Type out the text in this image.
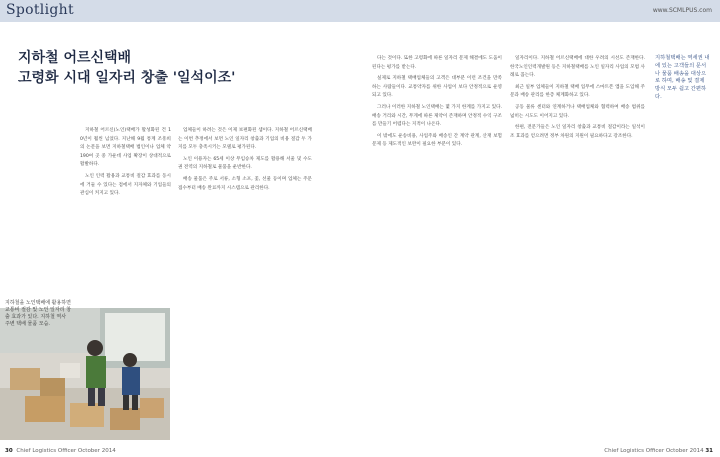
Spotlight	www.SCMLPUS.com
지하철 어르신택배
고령화 시대 일자리 창출 '일석이조'
지하철택배는 역세권 내에 있는 고객들의 문서나 물품 배송을 대상으로 하며, 배송 및 결제 방식 모두 쉽고 간편하다.
지하철을 노인택배에 활용하면 교통비 절감 및 노인 일자리 창출 효과가 있다. 지하철 역사 주변 택배 물품 모습.

지하철 어르신(노인)택배가 활성화된 건 10년이 훨씬 넘었다. 지난해 9월 통계 조흥희 의 논문을 보면 지하철택배 법인이나 업체 약 190여 곳 중 가운데 사업 확장이 상대적으로 활발하다.

노인 인력 활용과 교통비 절감 효과를 동시에 거둘 수 있다는 점에서 지자체와 기업들의 관심이 커지고 있다.

업체들이 하려는 것은 이제 보편화된 셈이다. 지하철 어르신택배는 이번 추정에서 보면 노인 일자리 창출과 기업의 비용 절감 두 가지를 모두 충족시키는 모델로 평가된다.

노인 이용자는 65세 이상 무임승차 제도를 활용해 서울 및 수도권 전역의 지하철로 물품을 운반한다.

배송 물품은 주로 서류, 소형 소포, 꽃, 선물 등이며 업체는 주문 접수부터 배송 완료까지 시스템으로 관리한다.

다는 것이다. 또한 고령화에 따른 일자리 문제 해결에도 도움이 된다는 평가를 받는다.

실제로 지하철 택배업체들의 고객은 대부분 이런 조건을 만족하는 사람들이다. 교통약자를 위한 사업이 보다 안정적으로 운영되고 있다.

그러나 이러한 지하철 노인택배는 몇 가지 한계를 가지고 있다. 배송 거리와 시간, 무게에 따른 제약이 존재하며 안정적 수익 구조를 만들기 어렵다는 지적이 나온다.

이 밖에도 운송비용, 사업주와 배송인 간 계약 관계, 산재 보험 문제 등 제도적인 보완이 필요한 부분이 있다.

일자리이다. 지하철 어르신택배에 대한 우려의 시선도 존재한다. 한국노인인력개발원 등은 지하철택배를 노인 일자리 사업의 모범 사례로 꼽는다.

최근 일부 업체들이 지하철 택배 업무에 스마트폰 앱을 도입해 주문과 배송 관리를 한층 체계화하고 있다.

공동 물류 센터와 연계하거나 택배업체와 협력하여 배송 범위를 넓히는 시도도 이어지고 있다.

한편, 전문가들은 노인 일자리 창출과 교통비 절감이라는 일석이조 효과를 얻으려면 정부 차원의 지원이 필요하다고 강조한다.

30 Chief Logistics Officer October 2014	Chief Logistics Officer October 2014 31
